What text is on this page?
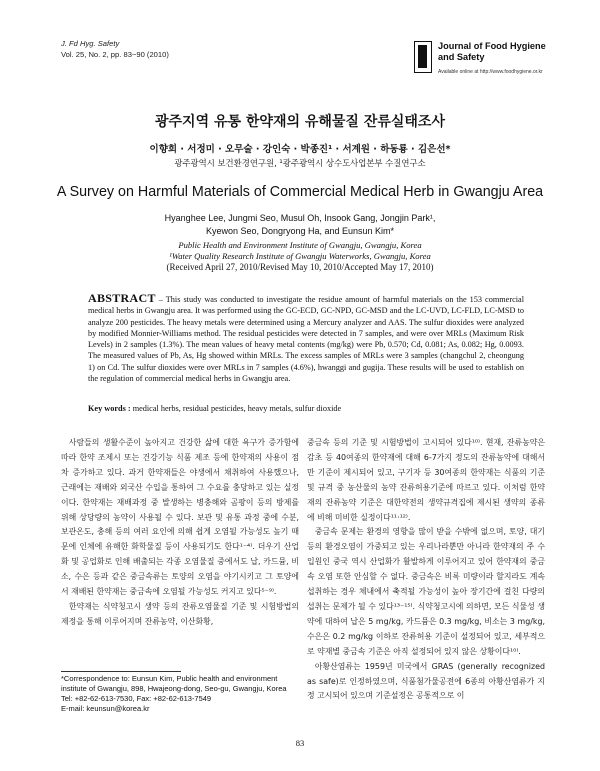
J. Fd Hyg. Safety
Vol. 25, No. 2, pp. 83~90 (2010)
Journal of Food Hygiene
and Safety
Available online at http://www.foodhygiene.or.kr
광주지역 유통 한약재의 유해물질 잔류실태조사
이향희 · 서정미 · 오무술 · 강인숙 · 박종진¹ · 서계원 · 하동룡 · 김은선*
광주광역시 보건환경연구원, ¹광주광역시 상수도사업본부 수질연구소
A Survey on Harmful Materials of Commercial Medical Herb in Gwangju Area
Hyanghee Lee, Jungmi Seo, Musul Oh, Insook Gang, Jongjin Park¹,
Kyewon Seo, Dongryong Ha, and Eunsun Kim*
Public Health and Environment Institute of Gwangju, Gwangju, Korea
¹Water Quality Research Institute of Gwangju Waterworks, Gwangju, Korea
(Received April 27, 2010/Revised May 10, 2010/Accepted May 17, 2010)
ABSTRACT – This study was conducted to investigate the residue amount of harmful materials on the 153 commercial medical herbs in Gwangju area. It was performed using the GC-ECD, GC-NPD, GC-MSD and the LC-UVD, LC-FLD, LC-MSD to analyze 200 pesticides. The heavy metals were determined using a Mercury analyzer and AAS. The sulfur dioxides were analyzed by modified Monnier-Williams method. The residual pesticides were detected in 7 samples, and were over MRLs (Maximum Risk Levels) in 2 samples (1.3%). The mean values of heavy metal contents (mg/kg) were Pb, 0.570; Cd, 0.081; As, 0.082; Hg, 0.0093. The measured values of Pb, As, Hg showed within MRLs. The excess samples of MRLs were 3 samples (changchul 2, cheongung 1) on Cd. The sulfur dioxides were over MRLs in 7 samples (4.6%), hwanggi and gugija. These results will be used to establish on the regulation of commercial medical herbs in Gwangju area.
Key words : medical herbs, residual pesticides, heavy metals, sulfur dioxide

사람들의 생활수준이 높아지고 건강한 삶에 대한 욕구가 증가함에 따라 한약 조제시 또는 건강기능 식품 제조 등에 한약재의 사용이 점차 증가하고 있다. 과거 한약재들은 야생에서 채취하여 사용했으나, 근래에는 재배와 외국산 수입을 통하여 그 수요를 충당하고 있는 실정이다. 한약재는 재배과정 중 발생하는 병충해와 곰팡이 등의 방제를 위해 상당량의 농약이 사용될 수 있다. 보관 및 유통 과정 중에 수분, 보관온도, 충해 등의 여러 요인에 의해 쉽게 오염될 가능성도 높기 때문에 인체에 유해한 화학물질 등이 사용되기도 한다¹⁻⁴⁾. 더우기 산업화 및 공업화로 인해 배출되는 각종 오염물질 중에서도 납, 카드뮴, 비소, 수은 등과 같은 중금속류는 토양의 오염을 야기시키고 그 토양에서 재배된 한약재는 중금속에 오염될 가능성도 커지고 있다⁵⁻⁹⁾.

한약재는 식약청고시 생약 등의 잔류오염물질 기준 및 시험방법의 제정을 통해 이루어지며 잔류농약, 이산화황,

중금속 등의 기준 및 시험방법이 고시되어 있다¹⁰⁾. 현재, 잔류농약은 감초 등 40여종의 한약재에 대해 6-7가지 정도의 잔류농약에 대해서만 기준이 제시되어 있고, 구기자 등 30여종의 한약재는 식품의 기준 및 규격 중 농산물의 농약 잔류허용기준에 따르고 있다. 이처럼 한약재의 잔류농약 기준은 대한약전의 생약규격집에 제시된 생약의 종류에 비해 미비한 실정이다¹¹·¹²⁾.

중금속 문제는 환경의 영향을 많이 받을 수밖에 없으며, 토양, 대기 등의 환경오염이 가중되고 있는 우리나라뿐만 아니라 한약재의 주 수입원인 중국 역시 산업화가 활발하게 이루어지고 있어 한약재의 중금속 오염 또한 안심할 수 없다. 중금속은 비록 미량이라 할지라도 계속 섭취하는 경우 체내에서 축적될 가능성이 높아 장기간에 걸친 다량의 섭취는 문제가 될 수 있다¹³⁻¹⁵⁾. 식약청고시에 의하면, 모든 식물성 생약에 대하여 납은 5 mg/kg, 카드뮴은 0.3 mg/kg, 비소는 3 mg/kg, 수은은 0.2 mg/kg 이하로 잔류허용 기준이 설정되어 있고, 세부적으로 약재별 중금속 기준은 아직 설정되어 있지 않은 상황이다¹⁰⁾.

아황산염류는 1959년 미국에서 GRAS (generally recognized as safe)로 인정하였으며, 식품첨가물공전에 6종의 아황산염류가 지정 고시되어 있으며 기준설정은 공통적으로 이

*Correspondence to: Eunsun Kim, Public health and environment institute of Gwangju, 898, Hwajeong-dong, Seo-gu, Gwangju, Korea
Tel: +82-62-613-7530, Fax: +82-62-613-7549
E-mail: keunsun@korea.kr
83
